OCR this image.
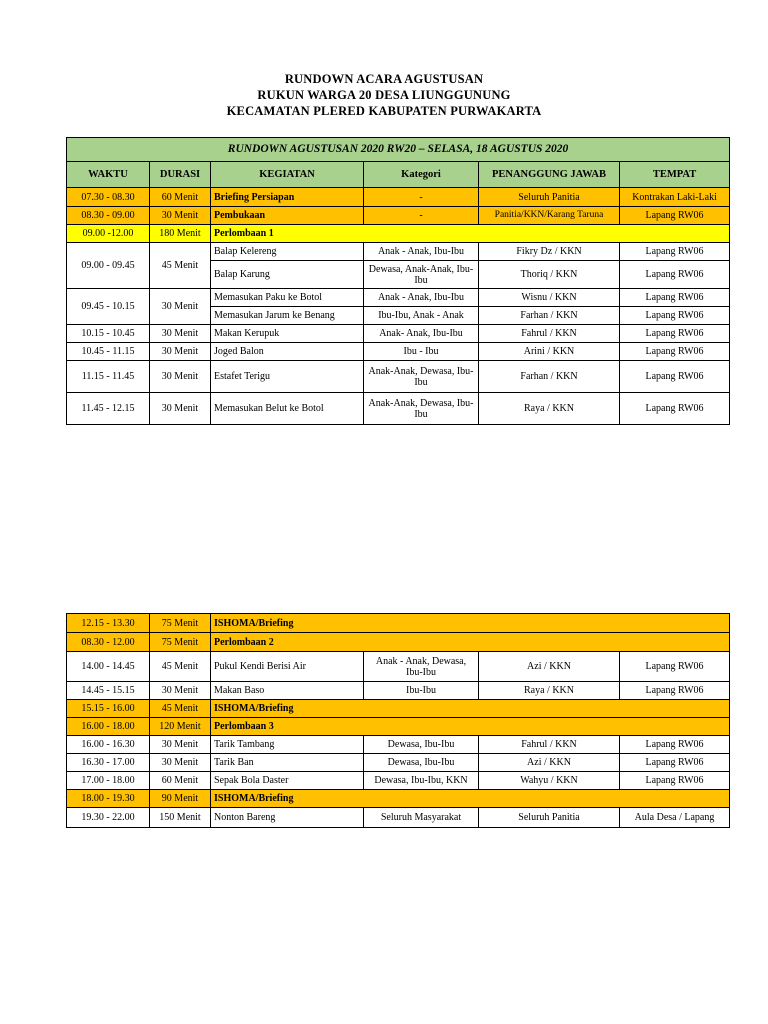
RUNDOWN ACARA AGUSTUSAN
RUKUN WARGA 20 DESA LIUNGGUNUNG
KECAMATAN PLERED KABUPATEN PURWAKARTA
RUNDOWN AGUSTUSAN 2020 RW20 – SELASA, 18 AGUSTUS 2020					
WAKTU	DURASI	KEGIATAN	Kategori	PENANGGUNG JAWAB	TEMPAT
07.30 - 08.30	60 Menit	Briefing Persiapan	-	Seluruh Panitia	Kontrakan Laki-Laki
08.30 - 09.00	30 Menit	Pembukaan	-	Panitia/KKN/Karang Taruna	Lapang RW06
09.00 -12.00	180 Menit	Perlombaan 1			
09.00 - 09.45	45 Menit	Balap Kelereng	Anak - Anak, Ibu-Ibu	Fikry Dz / KKN	Lapang RW06
		Balap Karung	Dewasa, Anak-Anak, Ibu-Ibu	Thoriq / KKN	Lapang RW06
09.45 - 10.15	30 Menit	Memasukan Paku ke Botol	Anak - Anak, Ibu-Ibu	Wisnu / KKN	Lapang RW06
		Memasukan Jarum ke Benang	Ibu-Ibu, Anak - Anak	Farhan / KKN	Lapang RW06
10.15 - 10.45	30 Menit	Makan Kerupuk	Anak- Anak, Ibu-Ibu	Fahrul / KKN	Lapang RW06
10.45 - 11.15	30 Menit	Joged Balon	Ibu - Ibu	Arini / KKN	Lapang RW06
11.15 - 11.45	30 Menit	Estafet Terigu	Anak-Anak, Dewasa, Ibu-Ibu	Farhan / KKN	Lapang RW06
11.45 - 12.15	30 Menit	Memasukan Belut ke Botol	Anak-Anak, Dewasa, Ibu-Ibu	Raya / KKN	Lapang RW06
12.15 - 13.30	75 Menit	ISHOMA/Briefing			
08.30 - 12.00	75 Menit	Perlombaan 2			
14.00 - 14.45	45 Menit	Pukul Kendi Berisi Air	Anak - Anak, Dewasa, Ibu-Ibu	Azi / KKN	Lapang RW06
14.45 - 15.15	30 Menit	Makan Baso	Ibu-Ibu	Raya / KKN	Lapang RW06
15.15 - 16.00	45 Menit	ISHOMA/Briefing			
16.00 - 18.00	120 Menit	Perlombaan 3			
16.00 - 16.30	30 Menit	Tarik Tambang	Dewasa, Ibu-Ibu	Fahrul / KKN	Lapang RW06
16.30 - 17.00	30 Menit	Tarik Ban	Dewasa, Ibu-Ibu	Azi / KKN	Lapang RW06
17.00 - 18.00	60 Menit	Sepak Bola Daster	Dewasa, Ibu-Ibu, KKN	Wahyu / KKN	Lapang RW06
18.00 - 19.30	90 Menit	ISHOMA/Briefing			
19.30 - 22.00	150 Menit	Nonton Bareng	Seluruh Masyarakat	Seluruh Panitia	Aula Desa / Lapang
